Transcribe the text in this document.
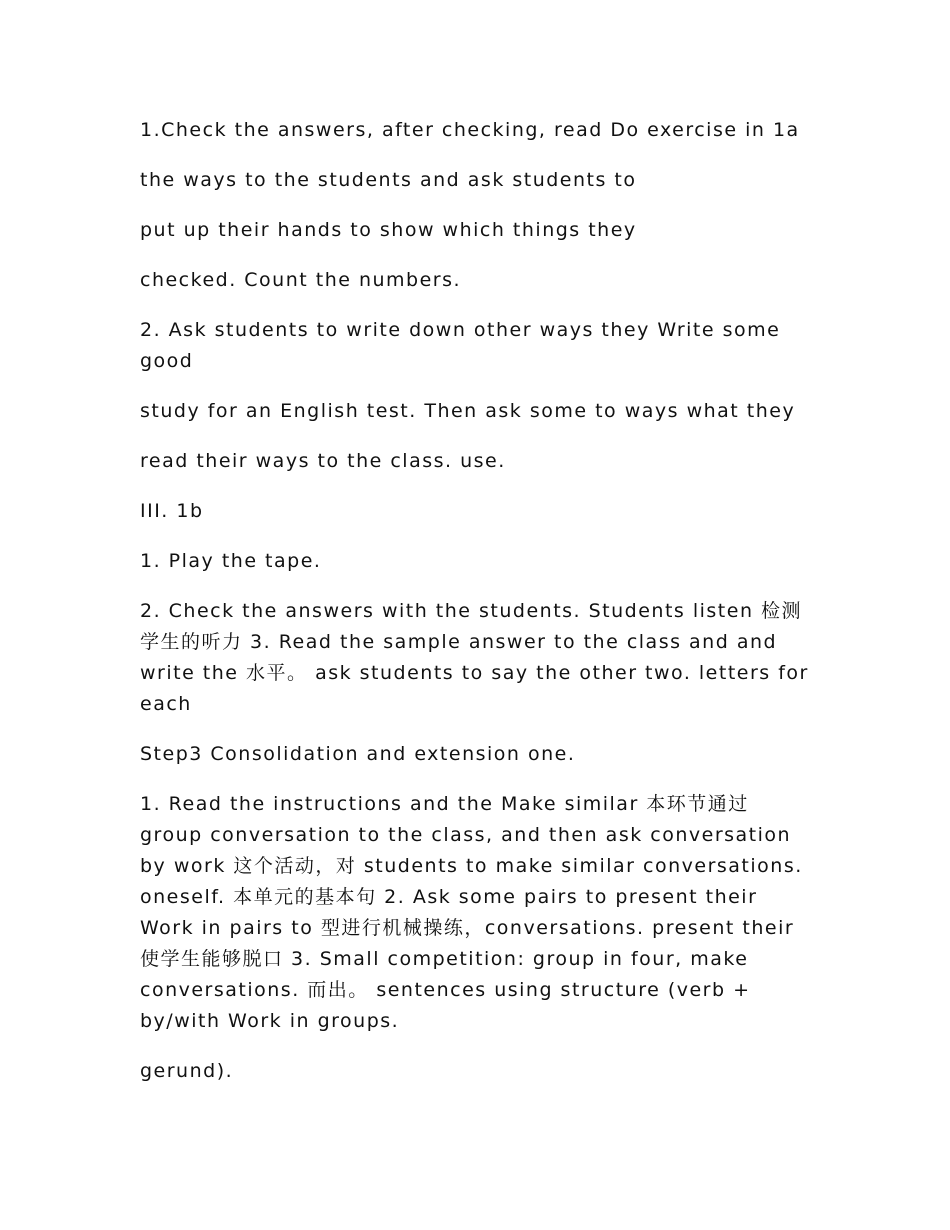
1.Check the answers, after checking, read Do exercise in 1a

the ways to the students and ask students to

put up their hands to show which things they

checked. Count the numbers.

2. Ask students to write down other ways they Write some good

study for an English test. Then ask some to ways what they

read their ways to the class. use.

III. 1b

1. Play the tape.

2. Check the answers with the students. Students listen 检测学生的听力 3. Read the sample answer to the class and and write the 水平。 ask students to say the other two. letters for each

Step3 Consolidation and extension one.

1. Read the instructions and the Make similar 本环节通过 group conversation to the class, and then ask conversation by work 这个活动，对 students to make similar conversations. oneself. 本单元的基本句 2. Ask some pairs to present their Work in pairs to 型进行机械操练，conversations. present their 使学生能够脱口 3. Small competition: group in four, make conversations. 而出。 sentences using structure (verb + by/with Work in groups.

gerund).
